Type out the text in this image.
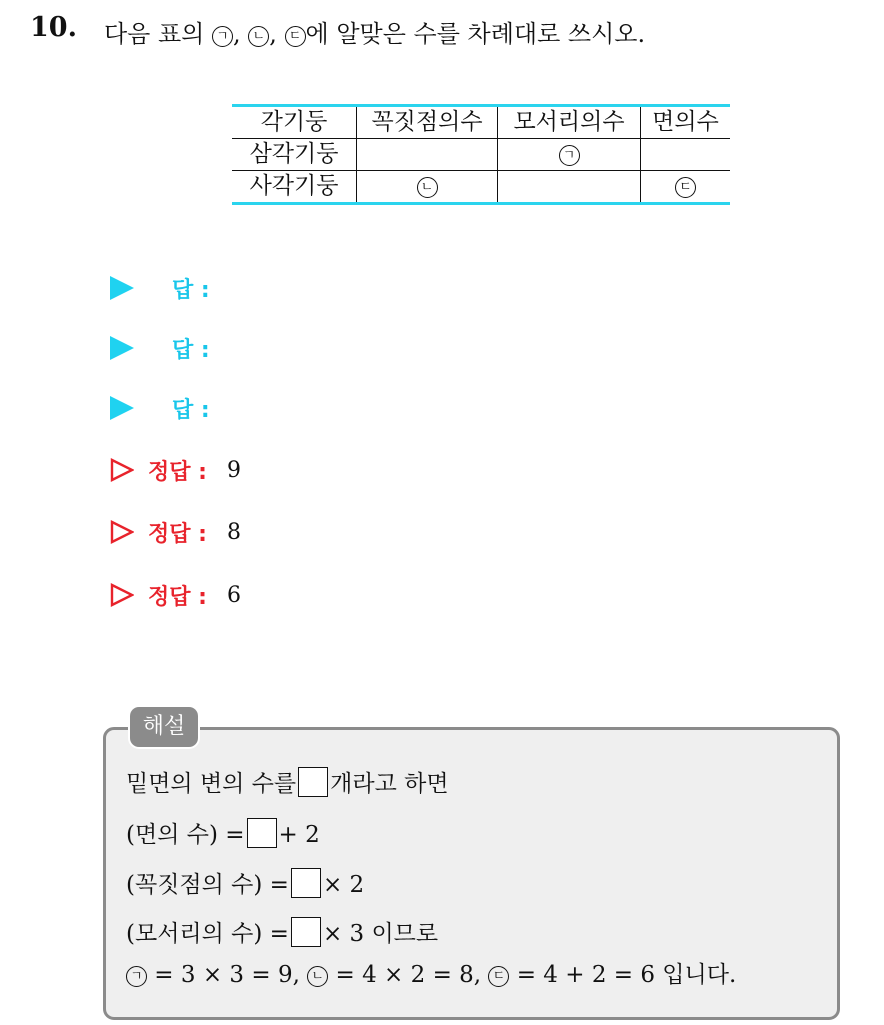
10. 다음 표의 ㄱ , ㄴ , ㄷ 에 알맞은 수를 차례대로 쓰시오.
각기둥	꼭짓점의수	모서리의수	면의수
삼각기둥		ㄱ	
사각기둥	ㄴ		ㄷ
답 :
답 :
답 :
정답 : 9
정답 : 8
정답 : 6
해설
밑면의 변의 수를 개라고 하면
(면의 수) = + 2
(꼭짓점의 수) = × 2
(모서리의 수) = × 3 이므로
ㄱ = 3 × 3 = 9, ㄴ = 4 × 2 = 8, ㄷ = 4 + 2 = 6 입니다.
